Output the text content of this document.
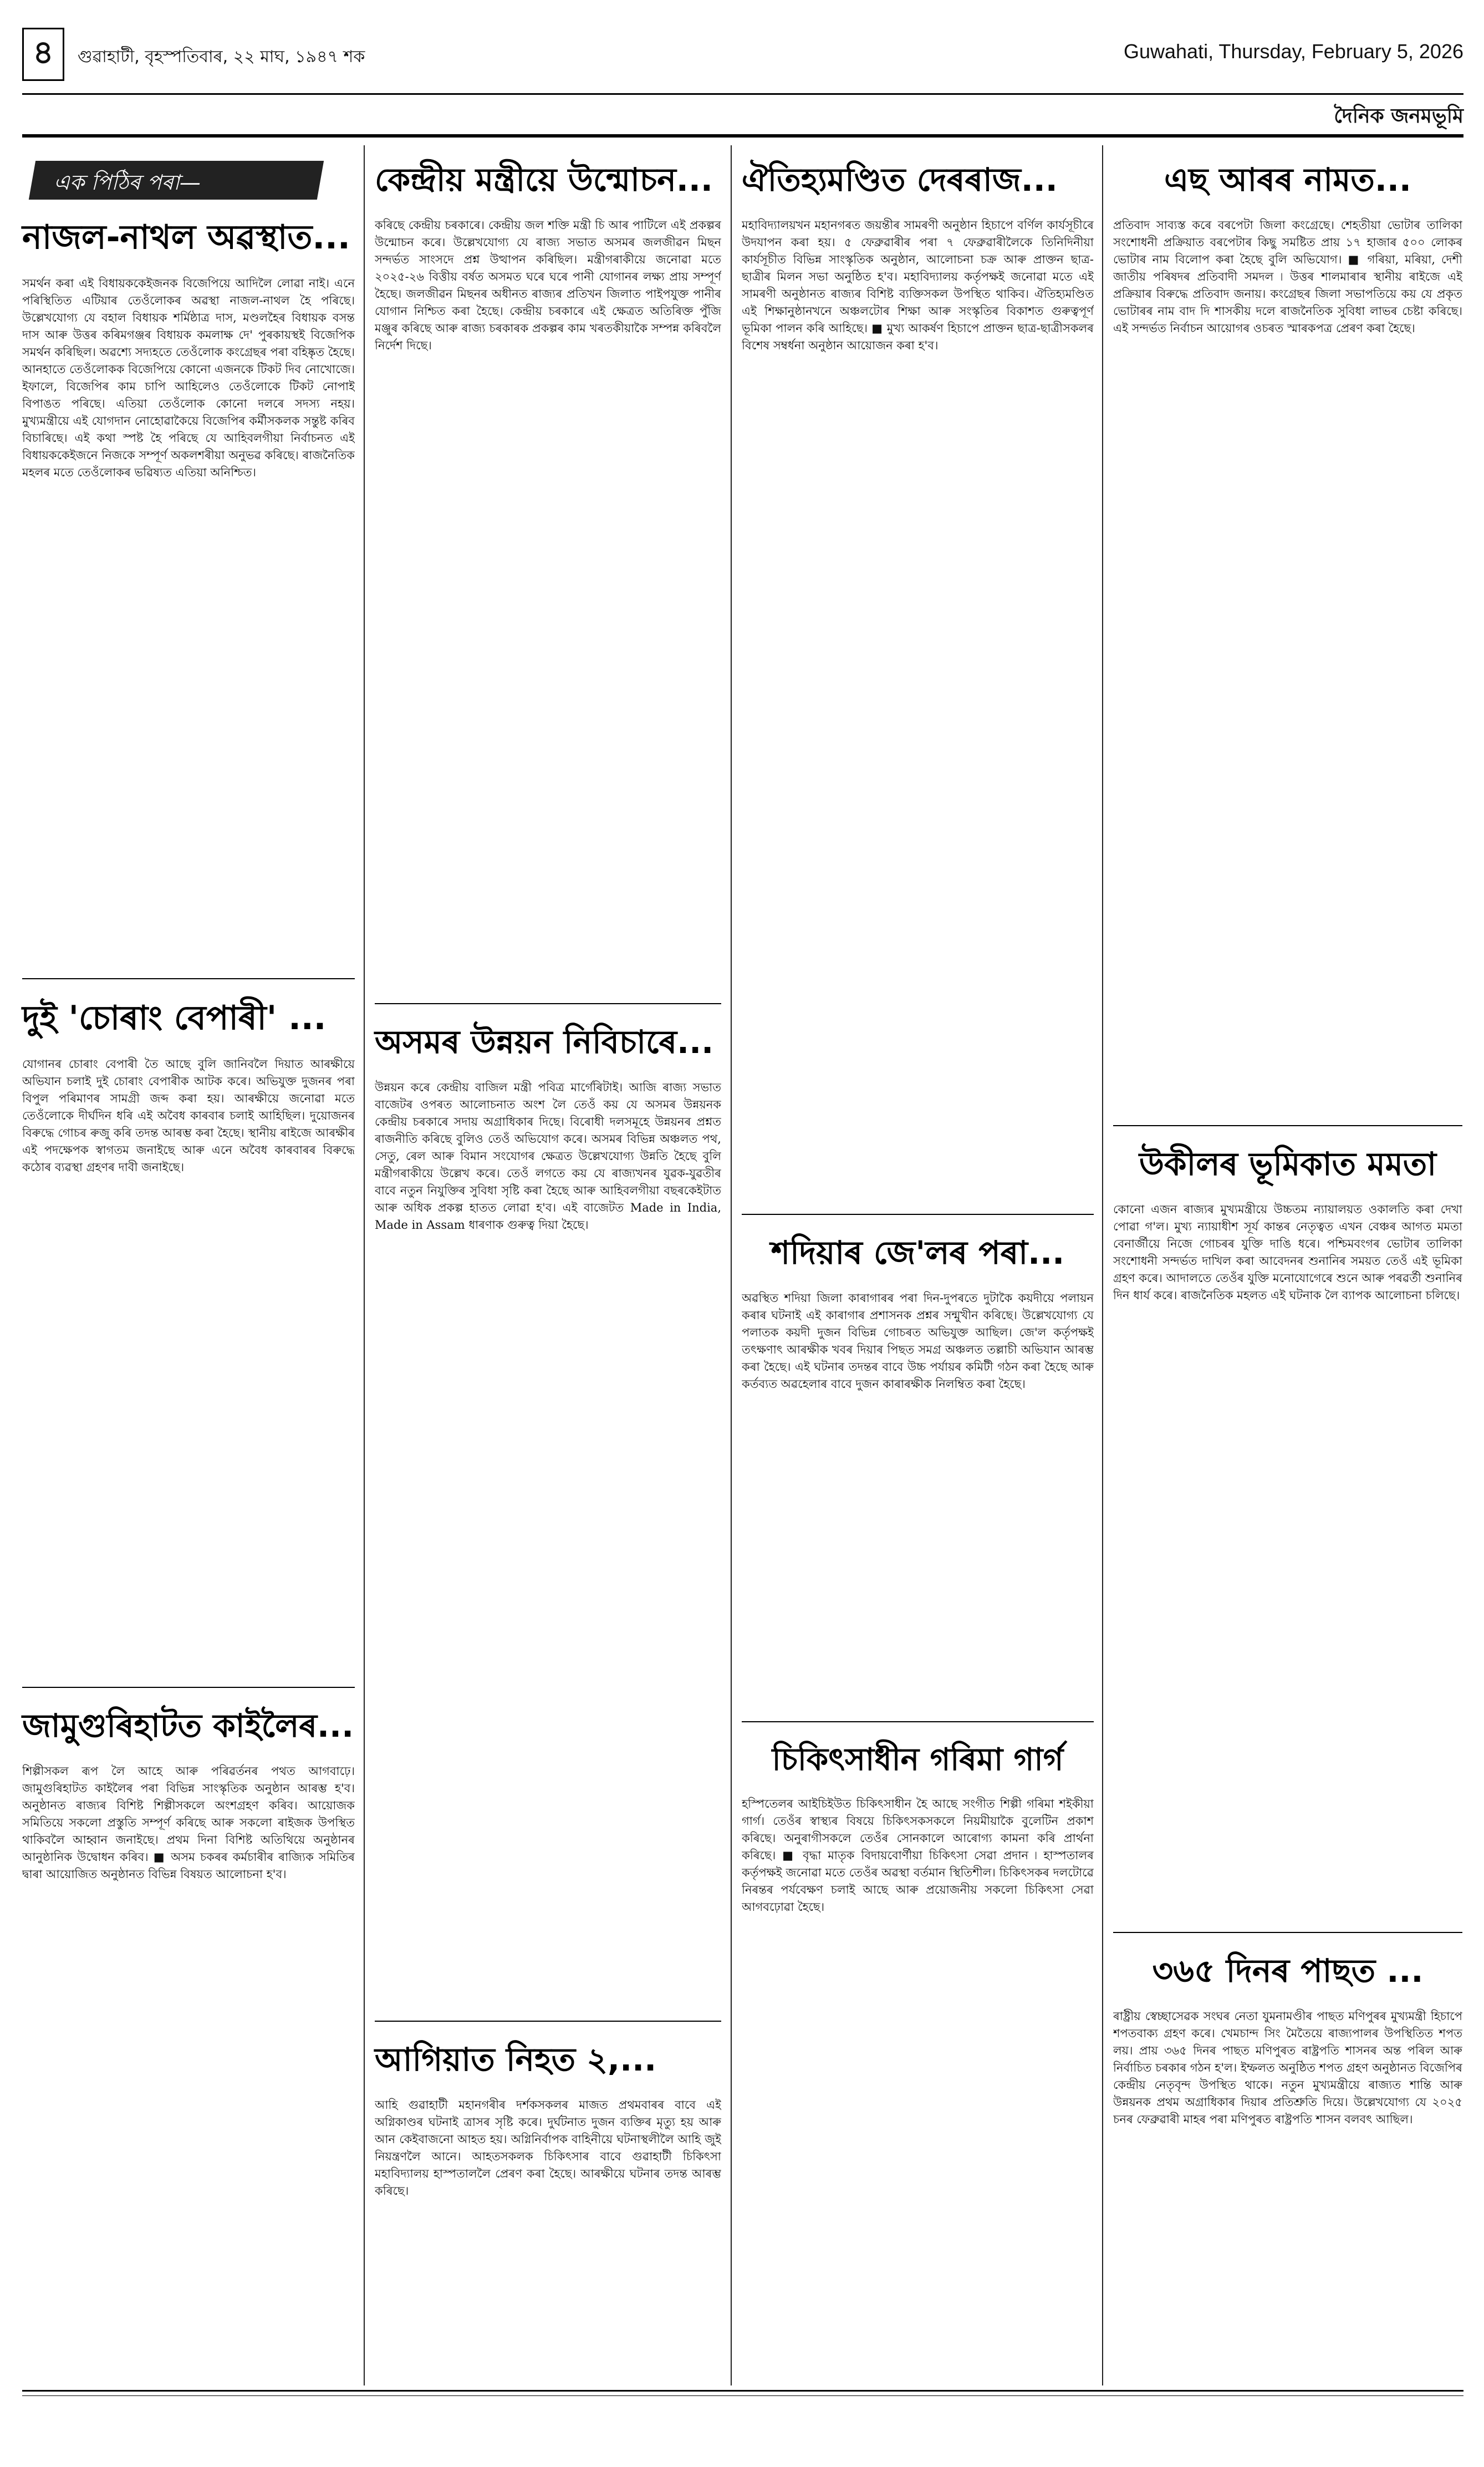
৪ গুৱাহাটী, বৃহস্পতিবাৰ, ২২ মাঘ, ১৯৪৭ শক	Guwahati, Thursday, February 5, 2026
দৈনিক জনমভূমি
এক পিঠিৰ পৰা—
নাজল-নাথল অৱস্থাত...
সমৰ্থন কৰা এই বিধায়ককেইজনক বিজেপিয়ে আদিলৈ লোৱা নাই। এনে পৰিস্থিতিত এটিয়াৰ তেওঁলোকৰ অৱস্থা নাজল-নাথল হৈ পৰিছে। উল্লেখযোগ্য যে বহাল বিধায়ক শৰ্মিষ্ঠাত্ৰ দাস, মণ্ডলহৈৰ বিধায়ক বসন্ত দাস আৰু উত্তৰ কৰিমগঞ্জৰ বিধায়ক কমলাক্ষ দে' পুৰকায়স্থই বিজেপিক সমৰ্থন কৰিছিল। অৱশ্যে সদ্যহতে তেওঁলোক কংগ্ৰেছৰ পৰা বহিষ্কৃত হৈছে। আনহাতে তেওঁলোকক বিজেপিয়ে কোনো এজনকে টিকট দিব নোখোজে। ইফালে, বিজেপিৰ কাম চাপি আহিলেও তেওঁলোকে টিকট নোপাই বিপাঙত পৰিছে। এতিয়া তেওঁলোক কোনো দলৰে সদস্য নহয়। মুখ্যমন্ত্ৰীয়ে এই যোগদান নোহোৱাকৈয়ে বিজেপিৰ কৰ্মীসকলক সন্তুষ্ট কৰিব বিচাৰিছে। এই কথা স্পষ্ট হৈ পৰিছে যে আহিবলগীয়া নিৰ্বাচনত এই বিধায়ককেইজনে নিজকে সম্পূৰ্ণ অকলশৰীয়া অনুভৱ কৰিছে। ৰাজনৈতিক মহলৰ মতে তেওঁলোকৰ ভৱিষ্যত এতিয়া অনিশ্চিত।
দুই 'চোৰাং বেপাৰী' ...
যোগানৰ চোৰাং বেপাৰী তৈ আছে বুলি জানিবলৈ দিয়াত আৰক্ষীয়ে অভিযান চলাই দুই চোৰাং বেপাৰীক আটক কৰে। অভিযুক্ত দুজনৰ পৰা বিপুল পৰিমাণৰ সামগ্ৰী জব্দ কৰা হয়। আৰক্ষীয়ে জনোৱা মতে তেওঁলোকে দীৰ্ঘদিন ধৰি এই অবৈধ কাৰবাৰ চলাই আহিছিল। দুয়োজনৰ বিৰুদ্ধে গোচৰ ৰুজু কৰি তদন্ত আৰম্ভ কৰা হৈছে। স্থানীয় ৰাইজে আৰক্ষীৰ এই পদক্ষেপক স্বাগতম জনাইছে আৰু এনে অবৈধ কাৰবাৰৰ বিৰুদ্ধে কঠোৰ ব্যৱস্থা গ্ৰহণৰ দাবী জনাইছে।
জামুগুৰিহাটত কাইলৈৰ...
শিল্পীসকল ৰূপ লৈ আহে আৰু পৰিৱৰ্তনৰ পথত আগবাঢ়ে। জামুগুৰিহাটত কাইলৈৰ পৰা বিভিন্ন সাংস্কৃতিক অনুষ্ঠান আৰম্ভ হ'ব। অনুষ্ঠানত ৰাজ্যৰ বিশিষ্ট শিল্পীসকলে অংশগ্ৰহণ কৰিব। আয়োজক সমিতিয়ে সকলো প্ৰস্তুতি সম্পূৰ্ণ কৰিছে আৰু সকলো ৰাইজক উপস্থিত থাকিবলৈ আহ্বান জনাইছে। প্ৰথম দিনা বিশিষ্ট অতিথিয়ে অনুষ্ঠানৰ আনুষ্ঠানিক উদ্বোধন কৰিব। ■ অসম চকৰৰ কৰ্মচাৰীৰ ৰাজ্যিক সমিতিৰ দ্বাৰা আয়োজিত অনুষ্ঠানত বিভিন্ন বিষয়ত আলোচনা হ'ব।
কেন্দ্ৰীয় মন্ত্ৰীয়ে উন্মোচন...
কৰিছে কেন্দ্ৰীয় চৰকাৰে। কেন্দ্ৰীয় জল শক্তি মন্ত্ৰী চি আৰ পাটিলে এই প্ৰকল্পৰ উন্মোচন কৰে। উল্লেখযোগ্য যে ৰাজ্য সভাত অসমৰ জলজীৱন মিছন সন্দৰ্ভত সাংসদে প্ৰশ্ন উত্থাপন কৰিছিল। মন্ত্ৰীগৰাকীয়ে জনোৱা মতে ২০২৫-২৬ বিত্তীয় বৰ্ষত অসমত ঘৰে ঘৰে পানী যোগানৰ লক্ষ্য প্ৰায় সম্পূৰ্ণ হৈছে। জলজীৱন মিছনৰ অধীনত ৰাজ্যৰ প্ৰতিখন জিলাত পাইপযুক্ত পানীৰ যোগান নিশ্চিত কৰা হৈছে। কেন্দ্ৰীয় চৰকাৰে এই ক্ষেত্ৰত অতিৰিক্ত পুঁজি মঞ্জুৰ কৰিছে আৰু ৰাজ্য চৰকাৰক প্ৰকল্পৰ কাম খৰতকীয়াকৈ সম্পন্ন কৰিবলৈ নিৰ্দেশ দিছে।
অসমৰ উন্নয়ন নিবিচাৰে...
উন্নয়ন কৰে কেন্দ্ৰীয় বাজিল মন্ত্ৰী পবিত্ৰ মাৰ্গেৰিটাই। আজি ৰাজ্য সভাত বাজেটৰ ওপৰত আলোচনাত অংশ লৈ তেওঁ কয় যে অসমৰ উন্নয়নক কেন্দ্ৰীয় চৰকাৰে সদায় অগ্ৰাধিকাৰ দিছে। বিৰোধী দলসমূহে উন্নয়নৰ প্ৰশ্নত ৰাজনীতি কৰিছে বুলিও তেওঁ অভিযোগ কৰে। অসমৰ বিভিন্ন অঞ্চলত পথ, সেতু, ৰেল আৰু বিমান সংযোগৰ ক্ষেত্ৰত উল্লেখযোগ্য উন্নতি হৈছে বুলি মন্ত্ৰীগৰাকীয়ে উল্লেখ কৰে। তেওঁ লগতে কয় যে ৰাজ্যখনৰ যুৱক-যুৱতীৰ বাবে নতুন নিযুক্তিৰ সুবিধা সৃষ্টি কৰা হৈছে আৰু আহিবলগীয়া বছৰকেইটাত আৰু অধিক প্ৰকল্প হাতত লোৱা হ'ব। এই বাজেটত Made in India, Made in Assam ধাৰণাক গুৰুত্ব দিয়া হৈছে।
আগিয়াত নিহত ২,...
আহি গুৱাহাটী মহানগৰীৰ দৰ্শকসকলৰ মাজত প্ৰথমবাৰৰ বাবে এই অগ্নিকাণ্ডৰ ঘটনাই ত্ৰাসৰ সৃষ্টি কৰে। দুৰ্ঘটনাত দুজন ব্যক্তিৰ মৃত্যু হয় আৰু আন কেইবাজনো আহত হয়। অগ্নিনিৰ্বাপক বাহিনীয়ে ঘটনাস্থলীলৈ আহি জুই নিয়ন্ত্ৰণলৈ আনে। আহতসকলক চিকিৎসাৰ বাবে গুৱাহাটী চিকিৎসা মহাবিদ্যালয় হাস্পতাললৈ প্ৰেৰণ কৰা হৈছে। আৰক্ষীয়ে ঘটনাৰ তদন্ত আৰম্ভ কৰিছে।
ঐতিহ্যমণ্ডিত দেৰৰাজ...
মহাবিদ্যালয়খন মহানগৰত জয়ন্তীৰ সামৰণী অনুষ্ঠান হিচাপে বৰ্ণিল কাৰ্যসূচীৰে উদযাপন কৰা হয়। ৫ ফেব্ৰুৱাৰীৰ পৰা ৭ ফেব্ৰুৱাৰীলৈকে তিনিদিনীয়া কাৰ্যসূচীত বিভিন্ন সাংস্কৃতিক অনুষ্ঠান, আলোচনা চক্ৰ আৰু প্ৰাক্তন ছাত্ৰ-ছাত্ৰীৰ মিলন সভা অনুষ্ঠিত হ'ব। মহাবিদ্যালয় কৰ্তৃপক্ষই জনোৱা মতে এই সামৰণী অনুষ্ঠানত ৰাজ্যৰ বিশিষ্ট ব্যক্তিসকল উপস্থিত থাকিব। ঐতিহ্যমণ্ডিত এই শিক্ষানুষ্ঠানখনে অঞ্চলটোৰ শিক্ষা আৰু সংস্কৃতিৰ বিকাশত গুৰুত্বপূৰ্ণ ভূমিকা পালন কৰি আহিছে। ■ মুখ্য আকৰ্ষণ হিচাপে প্ৰাক্তন ছাত্ৰ-ছাত্ৰীসকলৰ বিশেষ সম্বৰ্ধনা অনুষ্ঠান আয়োজন কৰা হ'ব।
শদিয়াৰ জে'লৰ পৰা...
অৱস্থিত শদিয়া জিলা কাৰাগাৰৰ পৰা দিন-দুপৰতে দুটাকৈ কয়দীয়ে পলায়ন কৰাৰ ঘটনাই এই কাৰাগাৰ প্ৰশাসনক প্ৰশ্নৰ সন্মুখীন কৰিছে। উল্লেখযোগ্য যে পলাতক কয়দী দুজন বিভিন্ন গোচৰত অভিযুক্ত আছিল। জে'ল কৰ্তৃপক্ষই তৎক্ষণাৎ আৰক্ষীক খবৰ দিয়াৰ পিছত সমগ্ৰ অঞ্চলত তল্লাচী অভিযান আৰম্ভ কৰা হৈছে। এই ঘটনাৰ তদন্তৰ বাবে উচ্চ পৰ্যায়ৰ কমিটী গঠন কৰা হৈছে আৰু কৰ্তব্যত অৱহেলাৰ বাবে দুজন কাৰাৰক্ষীক নিলম্বিত কৰা হৈছে।
চিকিৎসাধীন গৰিমা গাৰ্গ
হস্পিতেলৰ আইচিইউত চিকিৎসাধীন হৈ আছে সংগীত শিল্পী গৰিমা শইকীয়া গাৰ্গ। তেওঁৰ স্বাস্থ্যৰ বিষয়ে চিকিৎসকসকলে নিয়মীয়াকৈ বুলেটিন প্ৰকাশ কৰিছে। অনুৰাগীসকলে তেওঁৰ সোনকালে আৰোগ্য কামনা কৰি প্ৰাৰ্থনা কৰিছে। ■ বৃদ্ধা মাতৃক বিদায়বোৰ্ণীয়া চিকিৎসা সেৱা প্ৰদান ৷ হাস্পতালৰ কৰ্তৃপক্ষই জনোৱা মতে তেওঁৰ অৱস্থা বৰ্তমান স্থিতিশীল। চিকিৎসকৰ দলটোৱে নিৰন্তৰ পৰ্যবেক্ষণ চলাই আছে আৰু প্ৰয়োজনীয় সকলো চিকিৎসা সেৱা আগবঢ়োৱা হৈছে।
এছ আৰৰ নামত...
প্ৰতিবাদ সাব্যস্ত কৰে বৰপেটা জিলা কংগ্ৰেছে। শেহতীয়া ভোটাৰ তালিকা সংশোধনী প্ৰক্ৰিয়াত বৰপেটাৰ কিছু সমষ্টিত প্ৰায় ১৭ হাজাৰ ৫০০ লোকৰ ভোটাৰ নাম বিলোপ কৰা হৈছে বুলি অভিযোগ। ■ গৰিয়া, মৰিয়া, দেশী জাতীয় পৰিষদৰ প্ৰতিবাদী সমদল ৷ উত্তৰ শালমাৰাৰ স্থানীয় ৰাইজে এই প্ৰক্ৰিয়াৰ বিৰুদ্ধে প্ৰতিবাদ জনায়। কংগ্ৰেছৰ জিলা সভাপতিয়ে কয় যে প্ৰকৃত ভোটাৰৰ নাম বাদ দি শাসকীয় দলে ৰাজনৈতিক সুবিধা লাভৰ চেষ্টা কৰিছে। এই সন্দৰ্ভত নিৰ্বাচন আয়োগৰ ওচৰত স্মাৰকপত্ৰ প্ৰেৰণ কৰা হৈছে।
উকীলৰ ভূমিকাত মমতা
কোনো এজন ৰাজ্যৰ মুখ্যমন্ত্ৰীয়ে উচ্চতম ন্যায়ালয়ত ওকালতি কৰা দেখা পোৱা গ'ল। মুখ্য ন্যায়াধীশ সূৰ্য কান্তৰ নেতৃত্বত এখন বেঞ্চৰ আগত মমতা বেনাৰ্জীয়ে নিজে গোচৰৰ যুক্তি দাঙি ধৰে। পশ্চিমবংগৰ ভোটাৰ তালিকা সংশোধনী সন্দৰ্ভত দাখিল কৰা আবেদনৰ শুনানিৰ সময়ত তেওঁ এই ভূমিকা গ্ৰহণ কৰে। আদালতে তেওঁৰ যুক্তি মনোযোগেৰে শুনে আৰু পৰৱৰ্তী শুনানিৰ দিন ধাৰ্য কৰে। ৰাজনৈতিক মহলত এই ঘটনাক লৈ ব্যাপক আলোচনা চলিছে।
৩৬৫ দিনৰ পাছত ...
ৰাষ্ট্ৰীয় স্বেচ্ছাসেৱক সংঘৰ নেতা যুমনামণ্ডীৰ পাছত মণিপুৰৰ মুখ্যমন্ত্ৰী হিচাপে শপতবাক্য গ্ৰহণ কৰে। খেমচান্দ সিং মৈতৈয়ে ৰাজ্যপালৰ উপস্থিতিত শপত লয়। প্ৰায় ৩৬৫ দিনৰ পাছত মণিপুৰত ৰাষ্ট্ৰপতি শাসনৰ অন্ত পৰিল আৰু নিৰ্বাচিত চৰকাৰ গঠন হ'ল। ইম্ফলত অনুষ্ঠিত শপত গ্ৰহণ অনুষ্ঠানত বিজেপিৰ কেন্দ্ৰীয় নেতৃবৃন্দ উপস্থিত থাকে। নতুন মুখ্যমন্ত্ৰীয়ে ৰাজ্যত শান্তি আৰু উন্নয়নক প্ৰথম অগ্ৰাধিকাৰ দিয়াৰ প্ৰতিশ্ৰুতি দিয়ে। উল্লেখযোগ্য যে ২০২৫ চনৰ ফেব্ৰুৱাৰী মাহৰ পৰা মণিপুৰত ৰাষ্ট্ৰপতি শাসন বলবৎ আছিল।
